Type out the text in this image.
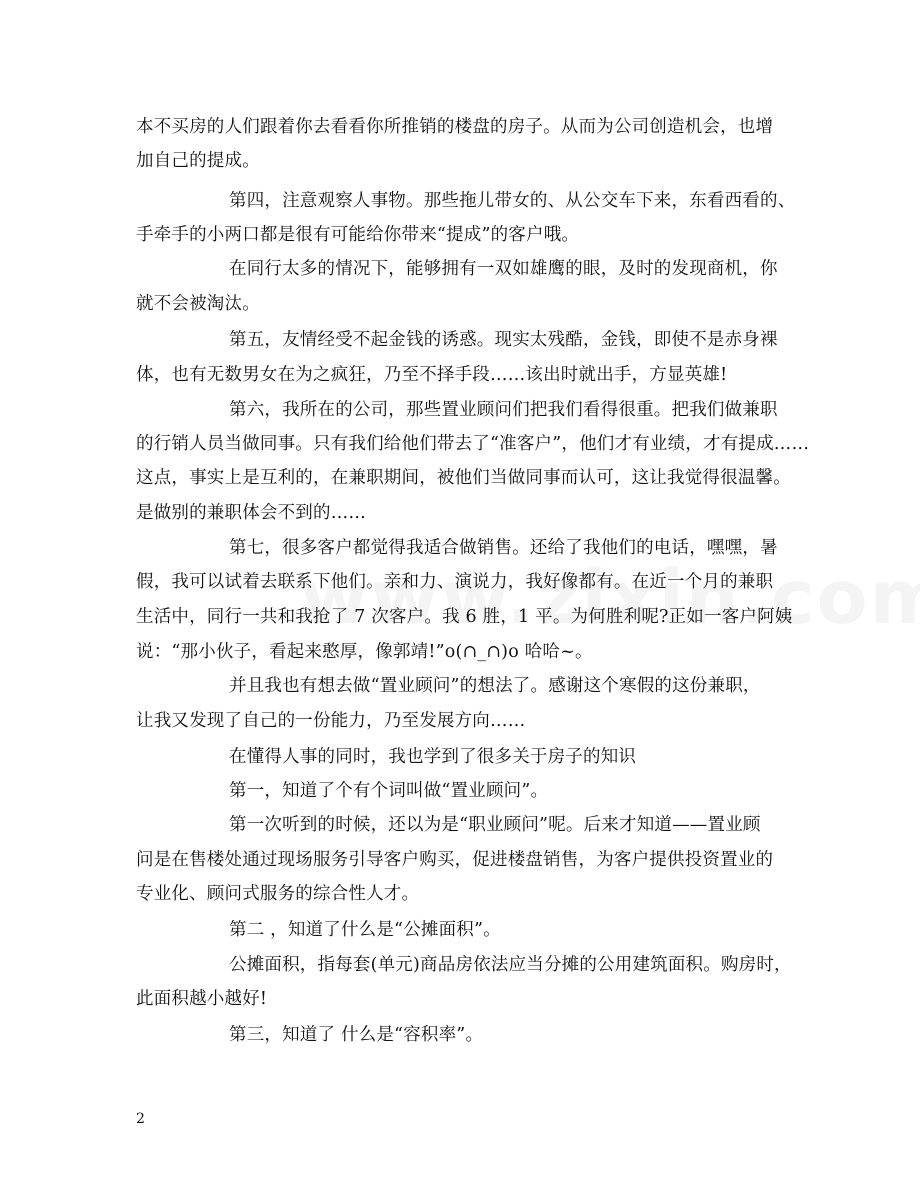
本不买房的人们跟着你去看看你所推销的楼盘的房子。从而为公司创造机会，也增
加自己的提成。
第四，注意观察人事物。那些拖儿带女的、从公交车下来，东看西看的、
手牵手的小两口都是很有可能给你带来“提成”的客户哦。
在同行太多的情况下，能够拥有一双如雄鹰的眼，及时的发现商机，你
就不会被淘汰。
第五，友情经受不起金钱的诱惑。现实太残酷，金钱，即使不是赤身裸
体，也有无数男女在为之疯狂，乃至不择手段……该出时就出手，方显英雄!
第六，我所在的公司，那些置业顾问们把我们看得很重。把我们做兼职
的行销人员当做同事。只有我们给他们带去了“准客户”，他们才有业绩，才有提成……
这点，事实上是互利的，在兼职期间，被他们当做同事而认可，这让我觉得很温馨。
是做别的兼职体会不到的……
第七，很多客户都觉得我适合做销售。还给了我他们的电话，嘿嘿，暑
假，我可以试着去联系下他们。亲和力、演说力，我好像都有。在近一个月的兼职
生活中，同行一共和我抢了 7 次客户。我 6 胜，1 平。为何胜利呢?正如一客户阿姨
说：“那小伙子，看起来憨厚，像郭靖!”o(∩_∩)o 哈哈~。
并且我也有想去做“置业顾问”的想法了。感谢这个寒假的这份兼职，
让我又发现了自己的一份能力，乃至发展方向……
在懂得人事的同时，我也学到了很多关于房子的知识
第一，知道了个有个词叫做“置业顾问”。
第一次听到的时候，还以为是“职业顾问”呢。后来才知道——置业顾
问是在售楼处通过现场服务引导客户购买，促进楼盘销售，为客户提供投资置业的
专业化、顾问式服务的综合性人才。
第二 ，知道了什么是“公摊面积”。
公摊面积，指每套(单元)商品房依法应当分摊的公用建筑面积。购房时，
此面积越小越好!
第三，知道了 什么是“容积率”。
2
